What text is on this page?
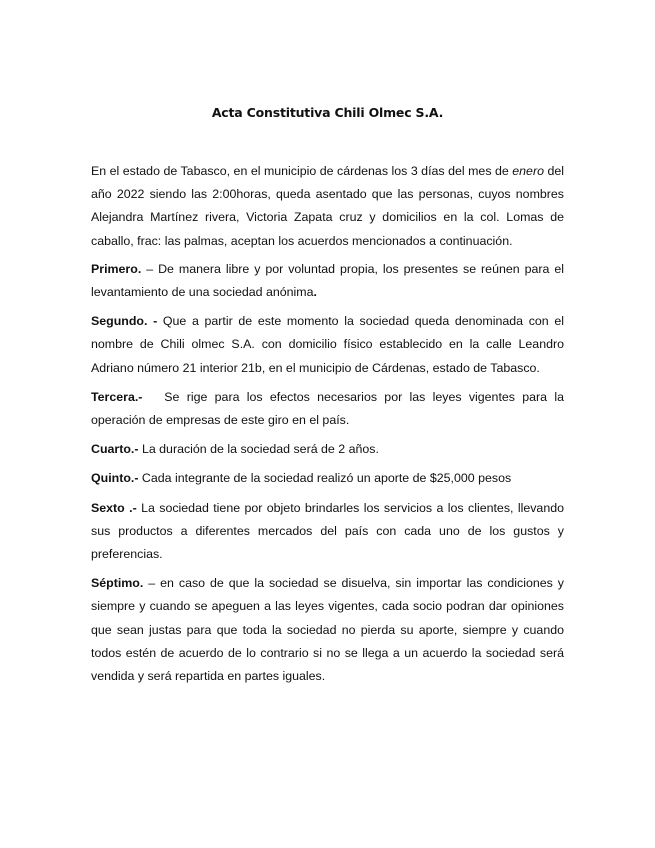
Acta Constitutiva Chili Olmec S.A.

En el estado de Tabasco, en el municipio de cárdenas los 3 días del mes de enero del año 2022 siendo las 2:00horas, queda asentado que las personas, cuyos nombres Alejandra Martínez rivera, Victoria Zapata cruz y domicilios en la col. Lomas de caballo, frac: las palmas, aceptan los acuerdos mencionados a continuación.

Primero. – De manera libre y por voluntad propia, los presentes se reúnen para el levantamiento de una sociedad anónima.

Segundo. - Que a partir de este momento la sociedad queda denominada con el nombre de Chili olmec S.A. con domicilio físico establecido en la calle Leandro Adriano número 21 interior 21b, en el municipio de Cárdenas, estado de Tabasco.

Tercera.-   Se rige para los efectos necesarios por las leyes vigentes para la operación de empresas de este giro en el país.

Cuarto.- La duración de la sociedad será de 2 años.

Quinto.- Cada integrante de la sociedad realizó un aporte de $25,000 pesos

Sexto .- La sociedad tiene por objeto brindarles los servicios a los clientes, llevando sus productos a diferentes mercados del país con cada uno de los gustos y preferencias.

Séptimo. – en caso de que la sociedad se disuelva, sin importar las condiciones y siempre y cuando se apeguen a las leyes vigentes, cada socio podran dar opiniones que sean justas para que toda la sociedad no pierda su aporte, siempre y cuando todos estén de acuerdo de lo contrario si no se llega a un acuerdo la sociedad será vendida y será repartida en partes iguales.
